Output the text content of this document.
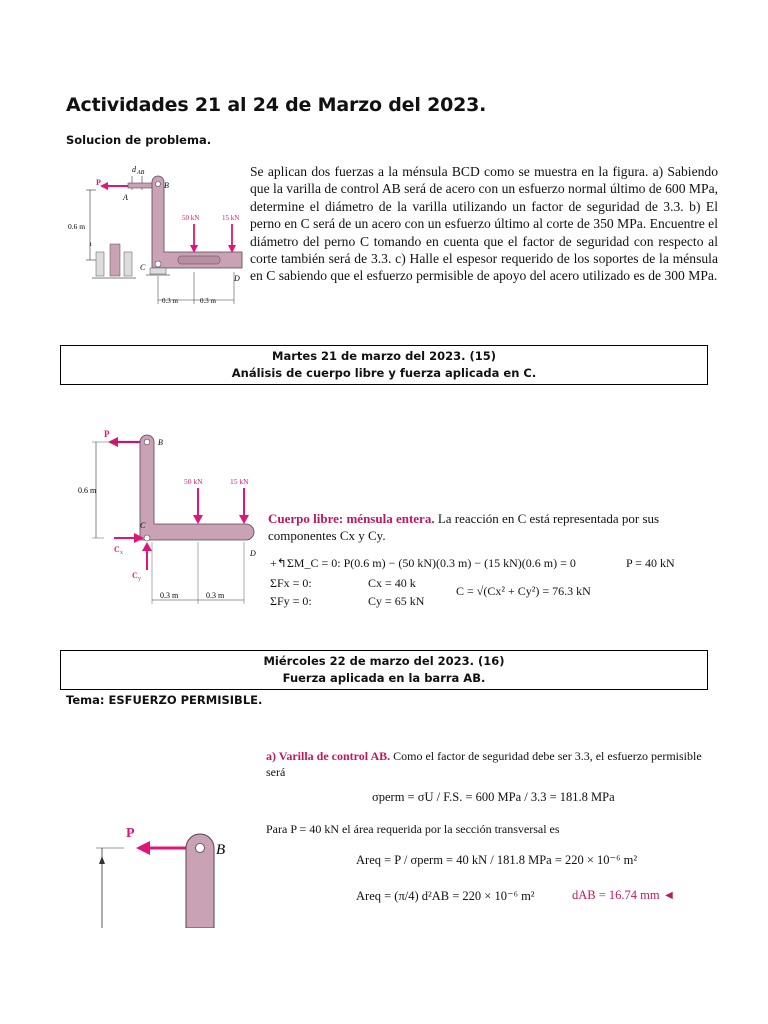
Actividades 21 al 24 de Marzo del 2023.
Solucion de problema.
d AB
P
A
B
C
D
50 kN	15 kN
0.6 m
t
0.3 m	0.3 m
Se aplican dos fuerzas a la ménsula BCD como se muestra en la figura. a) Sabiendo que la varilla de control AB será de acero con un esfuerzo normal último de 600 MPa, determine el diámetro de la varilla utilizando un factor de seguridad de 3.3. b) El perno en C será de un acero con un esfuerzo último al corte de 350 MPa. Encuentre el diámetro del perno C tomando en cuenta que el factor de seguridad con respecto al corte también será de 3.3. c) Halle el espesor requerido de los soportes de la ménsula en C sabiendo que el esfuerzo permisible de apoyo del acero utilizado es de 300 MPa.
Martes 21 de marzo del 2023. (15)
Análisis de cuerpo libre y fuerza aplicada en C.
P
B
C
D
0.6 m
50 kN	15 kN
C x
C y
0.3 m	0.3 m
Cuerpo libre: ménsula entera. La reacción en C está representada por sus componentes Cx y Cy.
+↰ΣM_C = 0: P(0.6 m) − (50 kN)(0.3 m) − (15 kN)(0.6 m) = 0	P = 40 kN
ΣFx = 0:	Cx = 40 k
ΣFy = 0:	Cy = 65 kN
C = √(Cx² + Cy²) = 76.3 kN
Miércoles 22 de marzo del 2023. (16)
Fuerza aplicada en la barra AB.
Tema: ESFUERZO PERMISIBLE.
a) Varilla de control AB. Como el factor de seguridad debe ser 3.3, el esfuerzo permisible será
σperm = σU / F.S. = 600 MPa / 3.3 = 181.8 MPa
Para P = 40 kN el área requerida por la sección transversal es
Areq = P / σperm = 40 kN / 181.8 MPa = 220 × 10⁻⁶ m²
Areq = (π/4) d²AB = 220 × 10⁻⁶ m²	dAB = 16.74 mm ◄
P
B
